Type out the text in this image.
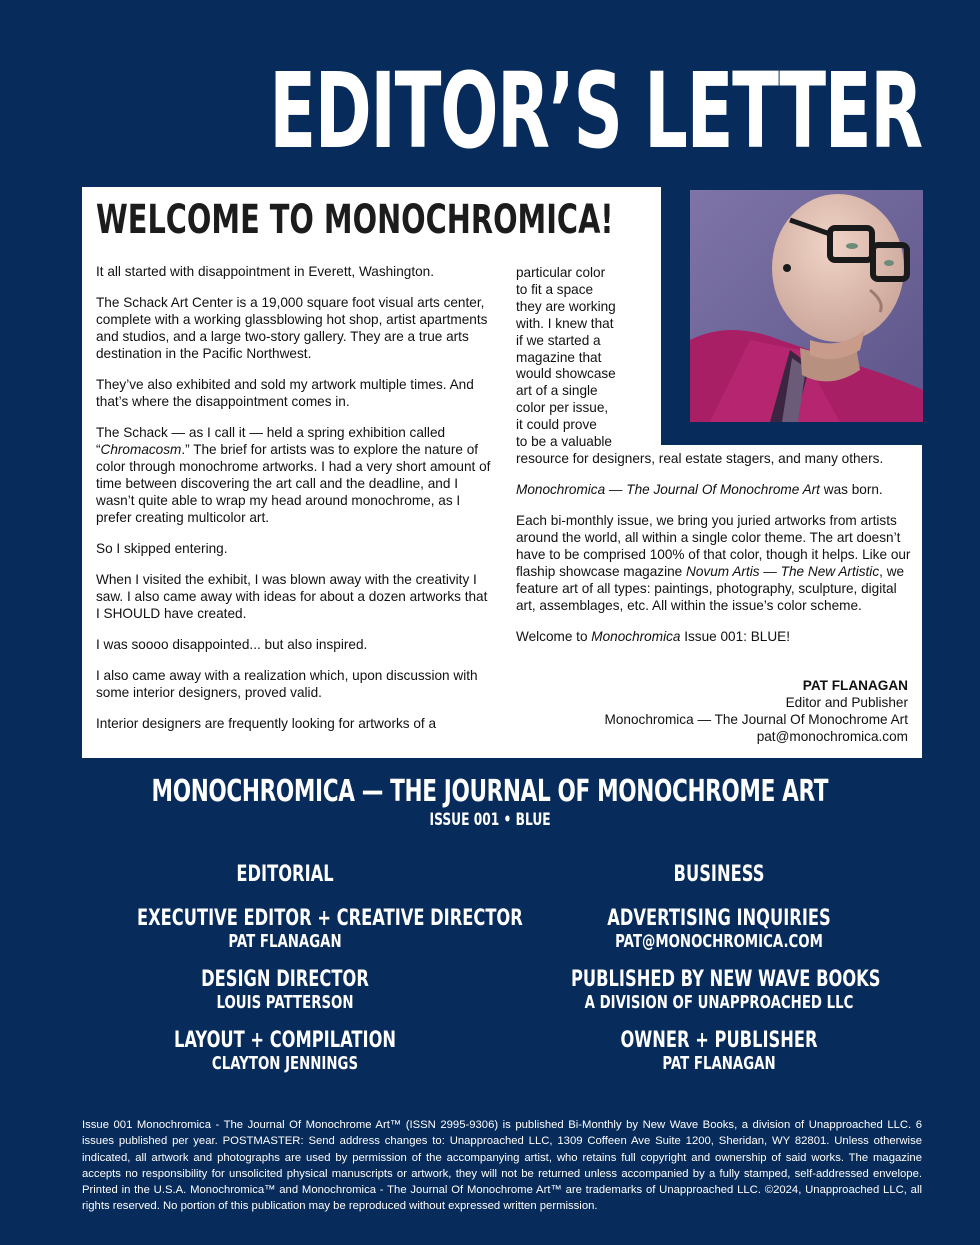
EDITOR’S LETTER
WELCOME TO MONOCHROMICA!

It all started with disappointment in Everett, Washington.

The Schack Art Center is a 19,000 square foot visual arts center, complete with a working glassblowing hot shop, artist apartments and studios, and a large two-story gallery. They are a true arts destination in the Pacific Northwest.

They’ve also exhibited and sold my artwork multiple times. And that’s where the disappointment comes in.

The Schack — as I call it — held a spring exhibition called “Chromacosm.” The brief for artists was to explore the nature of color through monochrome artworks. I had a very short amount of time between discovering the art call and the deadline, and I wasn’t quite able to wrap my head around monochrome, as I prefer creating multicolor art.

So I skipped entering.

When I visited the exhibit, I was blown away with the creativity I saw. I also came away with ideas for about a dozen artworks that I SHOULD have created.

I was soooo disappointed... but also inspired.

I also came away with a realization which, upon discussion with some interior designers, proved valid.

Interior designers are frequently looking for artworks of a

particular color
to fit a space
they are working
with. I knew that
if we started a
magazine that
would showcase
art of a single
color per issue,
it could prove
to be a valuable

resource for designers, real estate stagers, and many others.

Monochromica — The Journal Of Monochrome Art was born.

Each bi-monthly issue, we bring you juried artworks from artists around the world, all within a single color theme. The art doesn’t have to be comprised 100% of that color, though it helps. Like our flaship showcase magazine Novum Artis — The New Artistic, we feature art of all types: paintings, photography, sculpture, digital art, assemblages, etc. All within the issue’s color scheme.

Welcome to Monochromica Issue 001: BLUE!

PAT FLANAGAN
Editor and Publisher
Monochromica — The Journal Of Monochrome Art
pat@monochromica.com
MONOCHROMICA — THE JOURNAL OF MONOCHROME ART
ISSUE 001 • BLUE
EDITORIAL
EXECUTIVE EDITOR + CREATIVE DIRECTOR
PAT FLANAGAN
DESIGN DIRECTOR
LOUIS PATTERSON
LAYOUT + COMPILATION
CLAYTON JENNINGS
BUSINESS
ADVERTISING INQUIRIES
PAT@MONOCHROMICA.COM
PUBLISHED BY NEW WAVE BOOKS
A DIVISION OF UNAPPROACHED LLC
OWNER + PUBLISHER
PAT FLANAGAN
Issue 001 Monochromica - The Journal Of Monochrome Art™ (ISSN 2995-9306) is published Bi-Monthly by New Wave Books, a division of Unapproached LLC. 6 issues published per year. POSTMASTER: Send address changes to: Unapproached LLC, 1309 Coffeen Ave Suite 1200, Sheridan, WY 82801. Unless otherwise indicated, all artwork and photographs are used by permission of the accompanying artist, who retains full copyright and ownership of said works. The magazine accepts no responsibility for unsolicited physical manuscripts or artwork, they will not be returned unless accompanied by a fully stamped, self-addressed envelope. Printed in the U.S.A. Monochromica™ and Monochromica - The Journal Of Monochrome Art™ are trademarks of Unapproached LLC. ©2024, Unapproached LLC, all rights reserved. No portion of this publication may be reproduced without expressed written permission.
